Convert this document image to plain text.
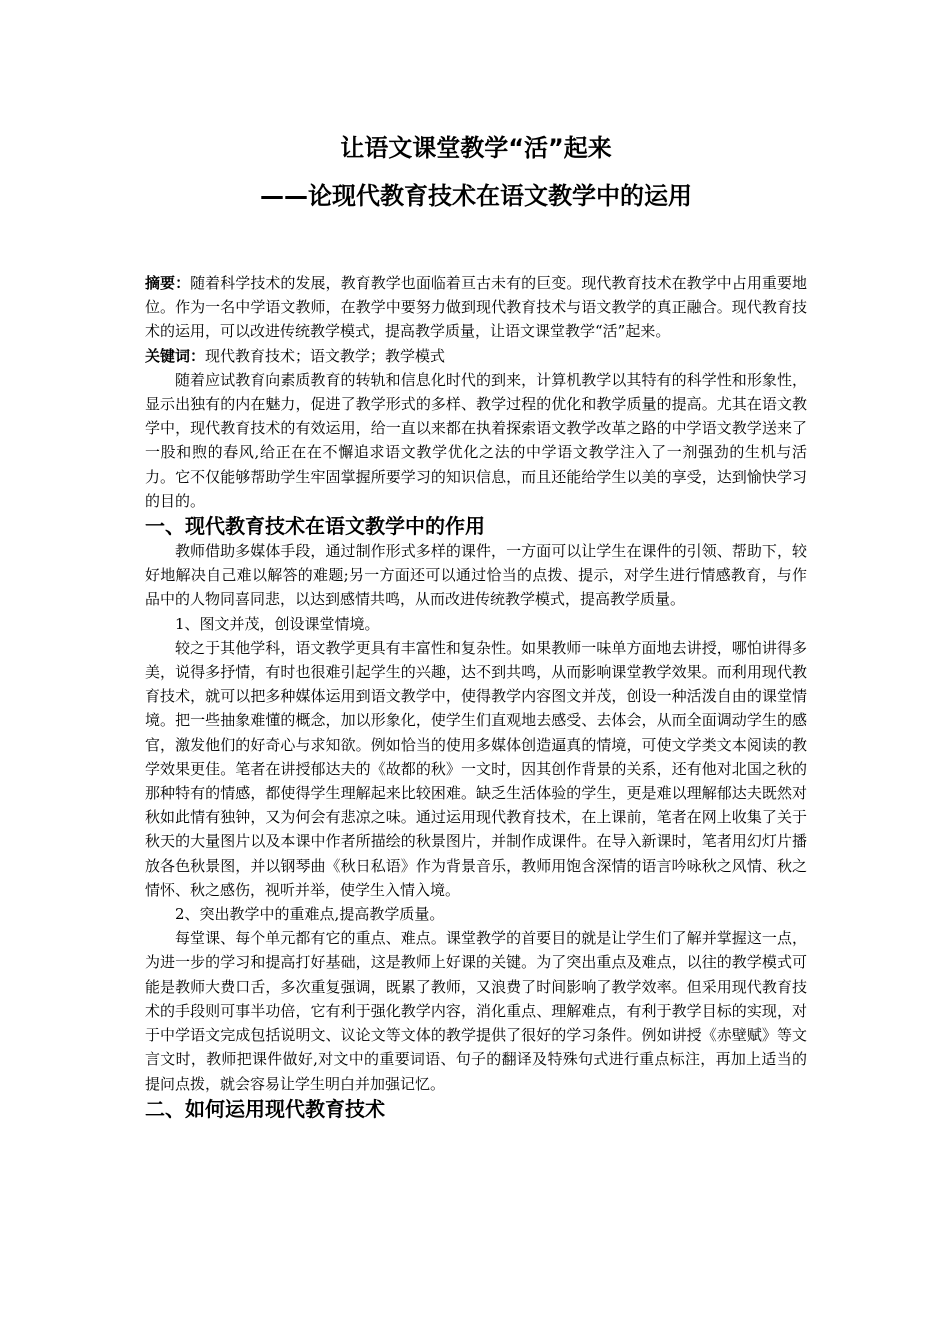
让语文课堂教学“活”起来
——论现代教育技术在语文教学中的运用

摘要：随着科学技术的发展，教育教学也面临着亘古未有的巨变。现代教育技术在教学中占用重要地位。作为一名中学语文教师，在教学中要努力做到现代教育技术与语文教学的真正融合。现代教育技术的运用，可以改进传统教学模式，提高教学质量，让语文课堂教学“活”起来。

关键词：现代教育技术；语文教学；教学模式

随着应试教育向素质教育的转轨和信息化时代的到来，计算机教学以其特有的科学性和形象性，显示出独有的内在魅力，促进了教学形式的多样、教学过程的优化和教学质量的提高。尤其在语文教学中，现代教育技术的有效运用，给一直以来都在执着探索语文教学改革之路的中学语文教学送来了一股和煦的春风,给正在在不懈追求语文教学优化之法的中学语文教学注入了一剂强劲的生机与活力。它不仅能够帮助学生牢固掌握所要学习的知识信息，而且还能给学生以美的享受，达到愉快学习的目的。

一、现代教育技术在语文教学中的作用

教师借助多媒体手段，通过制作形式多样的课件，一方面可以让学生在课件的引领、帮助下，较好地解决自己难以解答的难题;另一方面还可以通过恰当的点拨、提示，对学生进行情感教育，与作品中的人物同喜同悲，以达到感情共鸣，从而改进传统教学模式，提高教学质量。

1、图文并茂，创设课堂情境。

较之于其他学科，语文教学更具有丰富性和复杂性。如果教师一味单方面地去讲授，哪怕讲得多美，说得多抒情，有时也很难引起学生的兴趣，达不到共鸣，从而影响课堂教学效果。而利用现代教育技术，就可以把多种媒体运用到语文教学中，使得教学内容图文并茂，创设一种活泼自由的课堂情境。把一些抽象难懂的概念，加以形象化，使学生们直观地去感受、去体会，从而全面调动学生的感官，激发他们的好奇心与求知欲。例如恰当的使用多媒体创造逼真的情境，可使文学类文本阅读的教学效果更佳。笔者在讲授郁达夫的《故都的秋》一文时，因其创作背景的关系，还有他对北国之秋的那种特有的情感，都使得学生理解起来比较困难。缺乏生活体验的学生，更是难以理解郁达夫既然对秋如此情有独钟，又为何会有悲凉之味。通过运用现代教育技术，在上课前，笔者在网上收集了关于秋天的大量图片以及本课中作者所描绘的秋景图片，并制作成课件。在导入新课时，笔者用幻灯片播放各色秋景图，并以钢琴曲《秋日私语》作为背景音乐，教师用饱含深情的语言吟咏秋之风情、秋之情怀、秋之感伤，视听并举，使学生入情入境。

2、突出教学中的重难点,提高教学质量。

每堂课、每个单元都有它的重点、难点。课堂教学的首要目的就是让学生们了解并掌握这一点，为进一步的学习和提高打好基础，这是教师上好课的关键。为了突出重点及难点，以往的教学模式可能是教师大费口舌，多次重复强调，既累了教师，又浪费了时间影响了教学效率。但采用现代教育技术的手段则可事半功倍，它有利于强化教学内容，消化重点、理解难点，有利于教学目标的实现，对于中学语文完成包括说明文、议论文等文体的教学提供了很好的学习条件。例如讲授《赤壁赋》等文言文时，教师把课件做好,对文中的重要词语、句子的翻译及特殊句式进行重点标注，再加上适当的提问点拨，就会容易让学生明白并加强记忆。

二、如何运用现代教育技术
